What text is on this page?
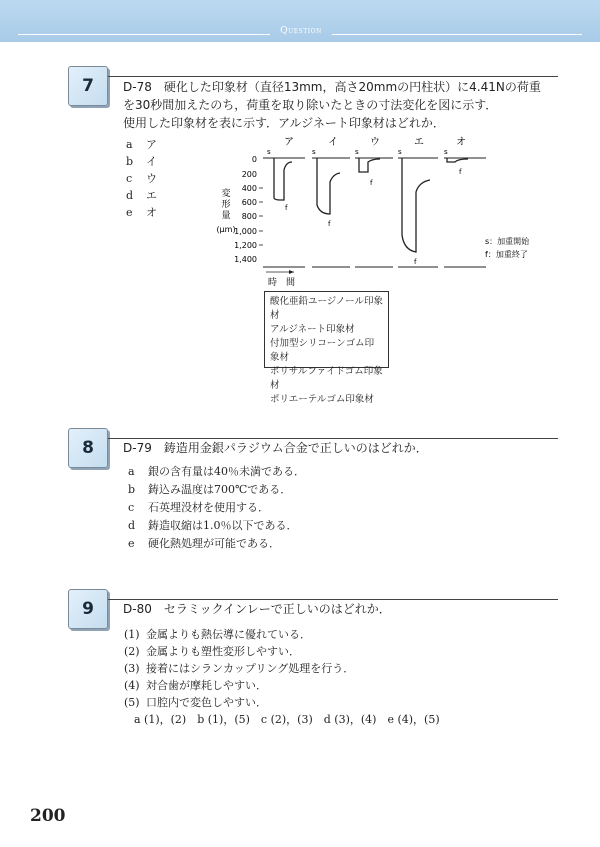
Question
7	D-78　硬化した印象材（直径13mm，高さ20mmの円柱状）に4.41Nの荷重
を30秒間加えたのち，荷重を取り除いたときの寸法変化を図に示す．
使用した印象材を表に示す．アルジネート印象材はどれか．
a ア
b イ
c ウ
d エ
e オ
ア	イ	ウ	エ	オ
0
200
400
600
800
1,000
1,200
1,400
変
形
量
(μm)
s
f
s
f
s
f
s
f
s
f
s：加重開始
f：加重終了
時　間
酸化亜鉛ユージノール印象材
アルジネート印象材
付加型シリコーンゴム印象材
ポリサルファイドゴム印象材
ポリエーテルゴム印象材
8	D-79　鋳造用金銀パラジウム合金で正しいのはどれか．
a 銀の含有量は40％未満である．
b 鋳込み温度は700℃である．
c 石英埋没材を使用する．
d 鋳造収縮は1.0％以下である．
e 硬化熱処理が可能である．
9	D-80　セラミックインレーで正しいのはどれか．
(1) 金属よりも熱伝導に優れている．
(2) 金属よりも塑性変形しやすい．
(3) 接着にはシランカップリング処理を行う．
(4) 対合歯が摩耗しやすい．
(5) 口腔内で変色しやすい．
a (1)，(2)　b (1)，(5)　c (2)，(3)　d (3)，(4)　e (4)，(5)
200
